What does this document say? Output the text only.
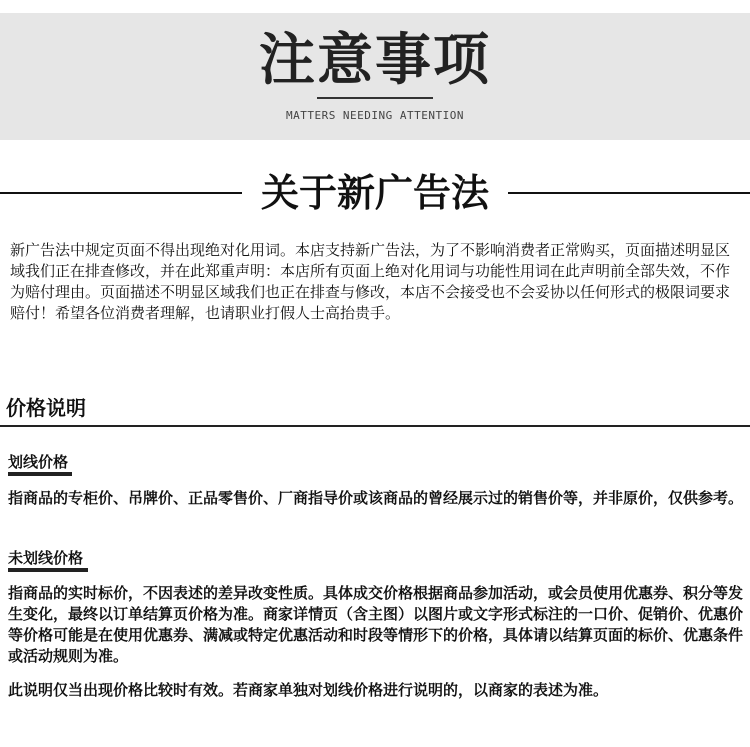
注意事项
MATTERS NEEDING ATTENTION
关于新广告法
新广告法中规定页面不得出现绝对化用词。本店支持新广告法，为了不影响消费者正常购买，页面描述明显区域我们正在排查修改，并在此郑重声明：本店所有页面上绝对化用词与功能性用词在此声明前全部失效，不作为赔付理由。页面描述不明显区域我们也正在排查与修改，本店不会接受也不会妥协以任何形式的极限词要求赔付！希望各位消费者理解，也请职业打假人士高抬贵手。
价格说明
划线价格
指商品的专柜价、吊牌价、正品零售价、厂商指导价或该商品的曾经展示过的销售价等，并非原价，仅供参考。
未划线价格
指商品的实时标价，不因表述的差异改变性质。具体成交价格根据商品参加活动，或会员使用优惠券、积分等发生变化，最终以订单结算页价格为准。商家详情页（含主图）以图片或文字形式标注的一口价、促销价、优惠价等价格可能是在使用优惠券、满减或特定优惠活动和时段等情形下的价格，具体请以结算页面的标价、优惠条件或活动规则为准。
此说明仅当出现价格比较时有效。若商家单独对划线价格进行说明的，以商家的表述为准。
